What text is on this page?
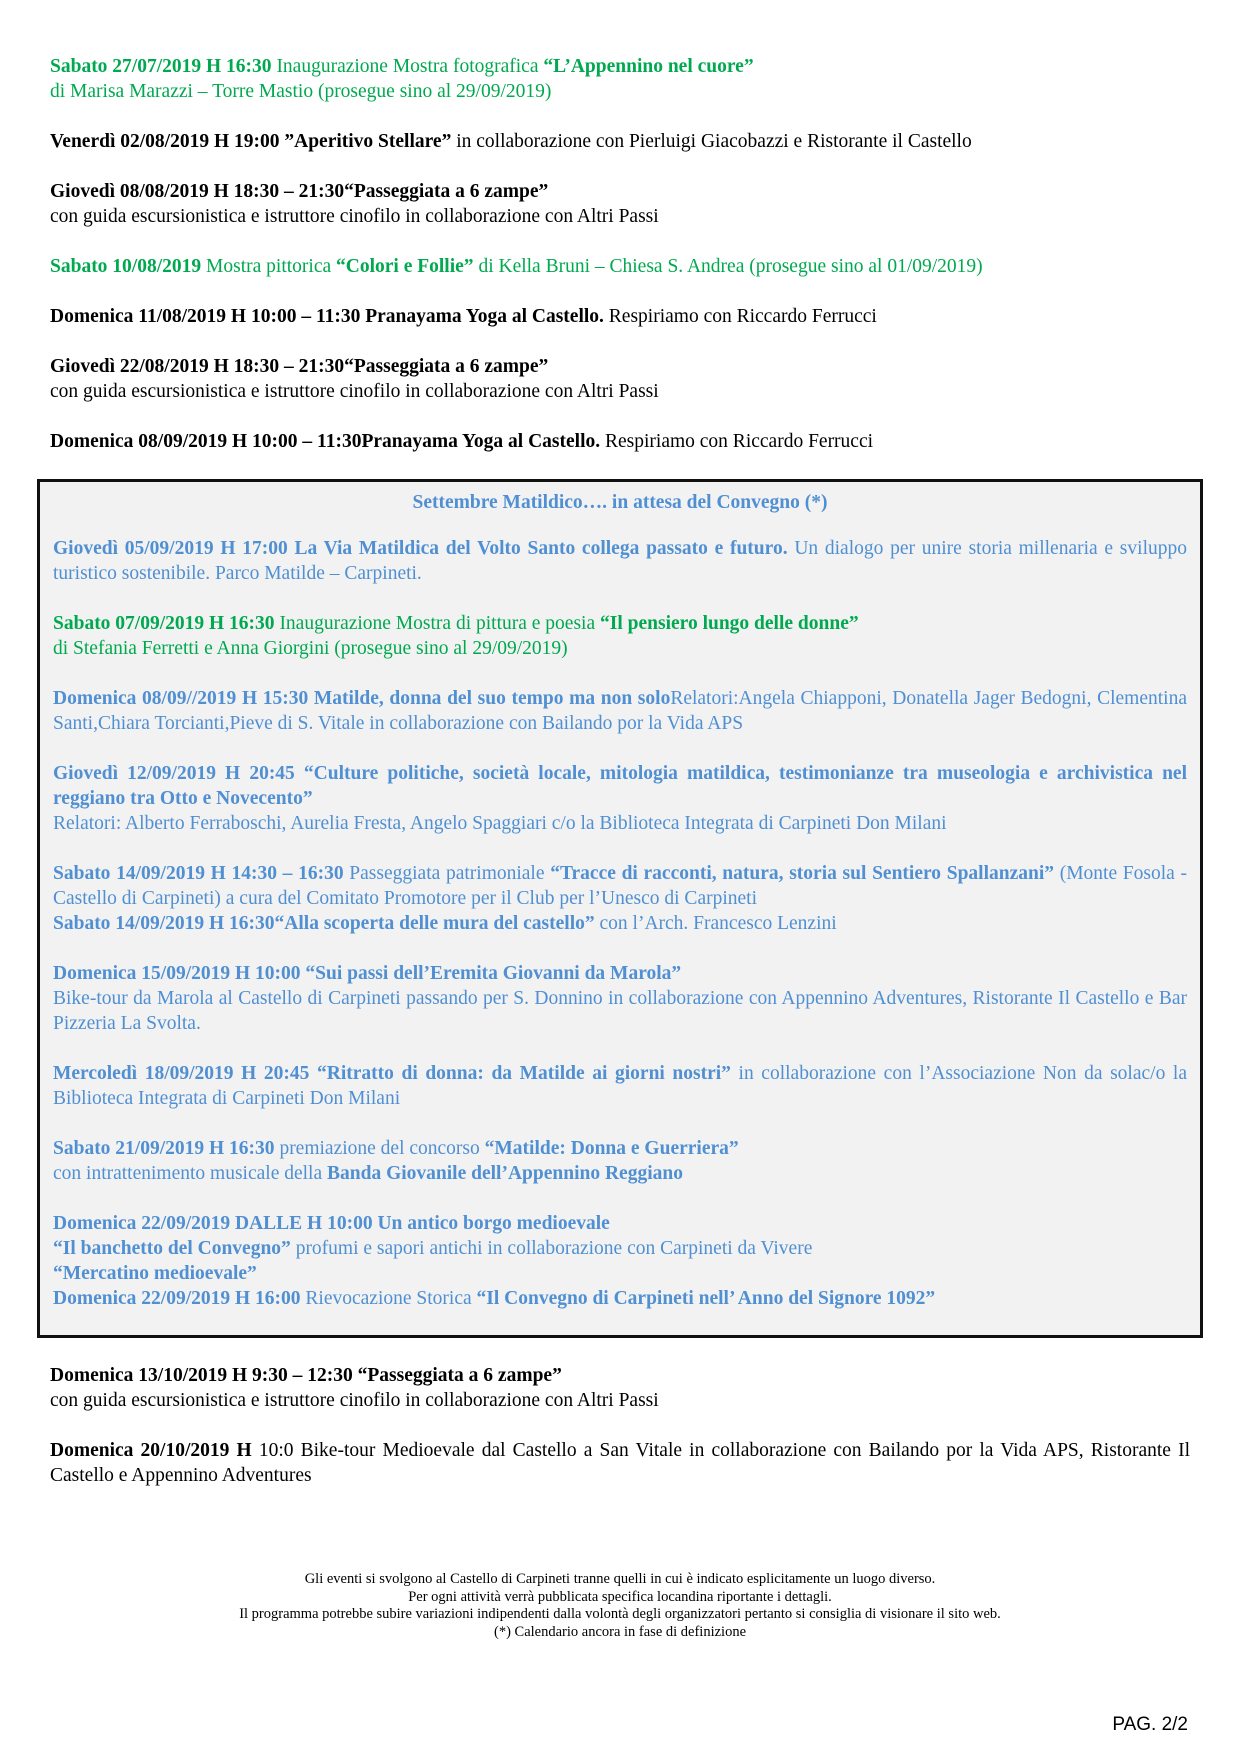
Sabato 27/07/2019 H 16:30 Inaugurazione Mostra fotografica “L’Appennino nel cuore”

di Marisa Marazzi – Torre Mastio (prosegue sino al 29/09/2019)

Venerdì 02/08/2019 H 19:00 ”Aperitivo Stellare” in collaborazione con Pierluigi Giacobazzi e Ristorante il Castello

Giovedì 08/08/2019 H 18:30 – 21:30“Passeggiata a 6 zampe”

con guida escursionistica e istruttore cinofilo in collaborazione con Altri Passi

Sabato 10/08/2019 Mostra pittorica “Colori e Follie” di Kella Bruni – Chiesa S. Andrea (prosegue sino al 01/09/2019)

Domenica 11/08/2019 H 10:00 – 11:30 Pranayama Yoga al Castello. Respiriamo con Riccardo Ferrucci

Giovedì 22/08/2019 H 18:30 – 21:30“Passeggiata a 6 zampe”

con guida escursionistica e istruttore cinofilo in collaborazione con Altri Passi

Domenica 08/09/2019 H 10:00 – 11:30Pranayama Yoga al Castello. Respiriamo con Riccardo Ferrucci

Settembre Matildico…. in attesa del Convegno (*)

Giovedì 05/09/2019 H 17:00 La Via Matildica del Volto Santo collega passato e futuro. Un dialogo per unire storia millenaria e sviluppo turistico sostenibile. Parco Matilde – Carpineti.

Sabato 07/09/2019 H 16:30 Inaugurazione Mostra di pittura e poesia “Il pensiero lungo delle donne”

di Stefania Ferretti e Anna Giorgini (prosegue sino al 29/09/2019)

Domenica 08/09//2019 H 15:30 Matilde, donna del suo tempo ma non soloRelatori:Angela Chiapponi, Donatella Jager Bedogni, Clementina Santi,Chiara Torcianti,Pieve di S. Vitale in collaborazione con Bailando por la Vida APS

Giovedì 12/09/2019 H 20:45 “Culture politiche, società locale, mitologia matildica, testimonianze tra museologia e archivistica nel reggiano tra Otto e Novecento”

Relatori: Alberto Ferraboschi, Aurelia Fresta, Angelo Spaggiari c/o la Biblioteca Integrata di Carpineti Don Milani

Sabato 14/09/2019 H 14:30 – 16:30 Passeggiata patrimoniale “Tracce di racconti, natura, storia sul Sentiero Spallanzani” (Monte Fosola - Castello di Carpineti) a cura del Comitato Promotore per il Club per l’Unesco di Carpineti

Sabato 14/09/2019 H 16:30“Alla scoperta delle mura del castello” con l’Arch. Francesco Lenzini

Domenica 15/09/2019 H 10:00 “Sui passi dell’Eremita Giovanni da Marola”

Bike-tour da Marola al Castello di Carpineti passando per S. Donnino in collaborazione con Appennino Adventures, Ristorante Il Castello e Bar Pizzeria La Svolta.

Mercoledì 18/09/2019 H 20:45 “Ritratto di donna: da Matilde ai giorni nostri” in collaborazione con l’Associazione Non da solac/o la Biblioteca Integrata di Carpineti Don Milani

Sabato 21/09/2019 H 16:30 premiazione del concorso “Matilde: Donna e Guerriera”

con intrattenimento musicale della Banda Giovanile dell’Appennino Reggiano

Domenica 22/09/2019 DALLE H 10:00 Un antico borgo medioevale

“Il banchetto del Convegno” profumi e sapori antichi in collaborazione con Carpineti da Vivere

“Mercatino medioevale”

Domenica 22/09/2019 H 16:00 Rievocazione Storica “Il Convegno di Carpineti nell’ Anno del Signore 1092”

Domenica 13/10/2019 H 9:30 – 12:30 “Passeggiata a 6 zampe”

con guida escursionistica e istruttore cinofilo in collaborazione con Altri Passi

Domenica 20/10/2019 H 10:0 Bike-tour Medioevale dal Castello a San Vitale in collaborazione con Bailando por la Vida APS, Ristorante Il Castello e Appennino Adventures

Gli eventi si svolgono al Castello di Carpineti tranne quelli in cui è indicato esplicitamente un luogo diverso.

Per ogni attività verrà pubblicata specifica locandina riportante i dettagli.

Il programma potrebbe subire variazioni indipendenti dalla volontà degli organizzatori pertanto si consiglia di visionare il sito web.

(*) Calendario ancora in fase di definizione

PAG. 2/2
